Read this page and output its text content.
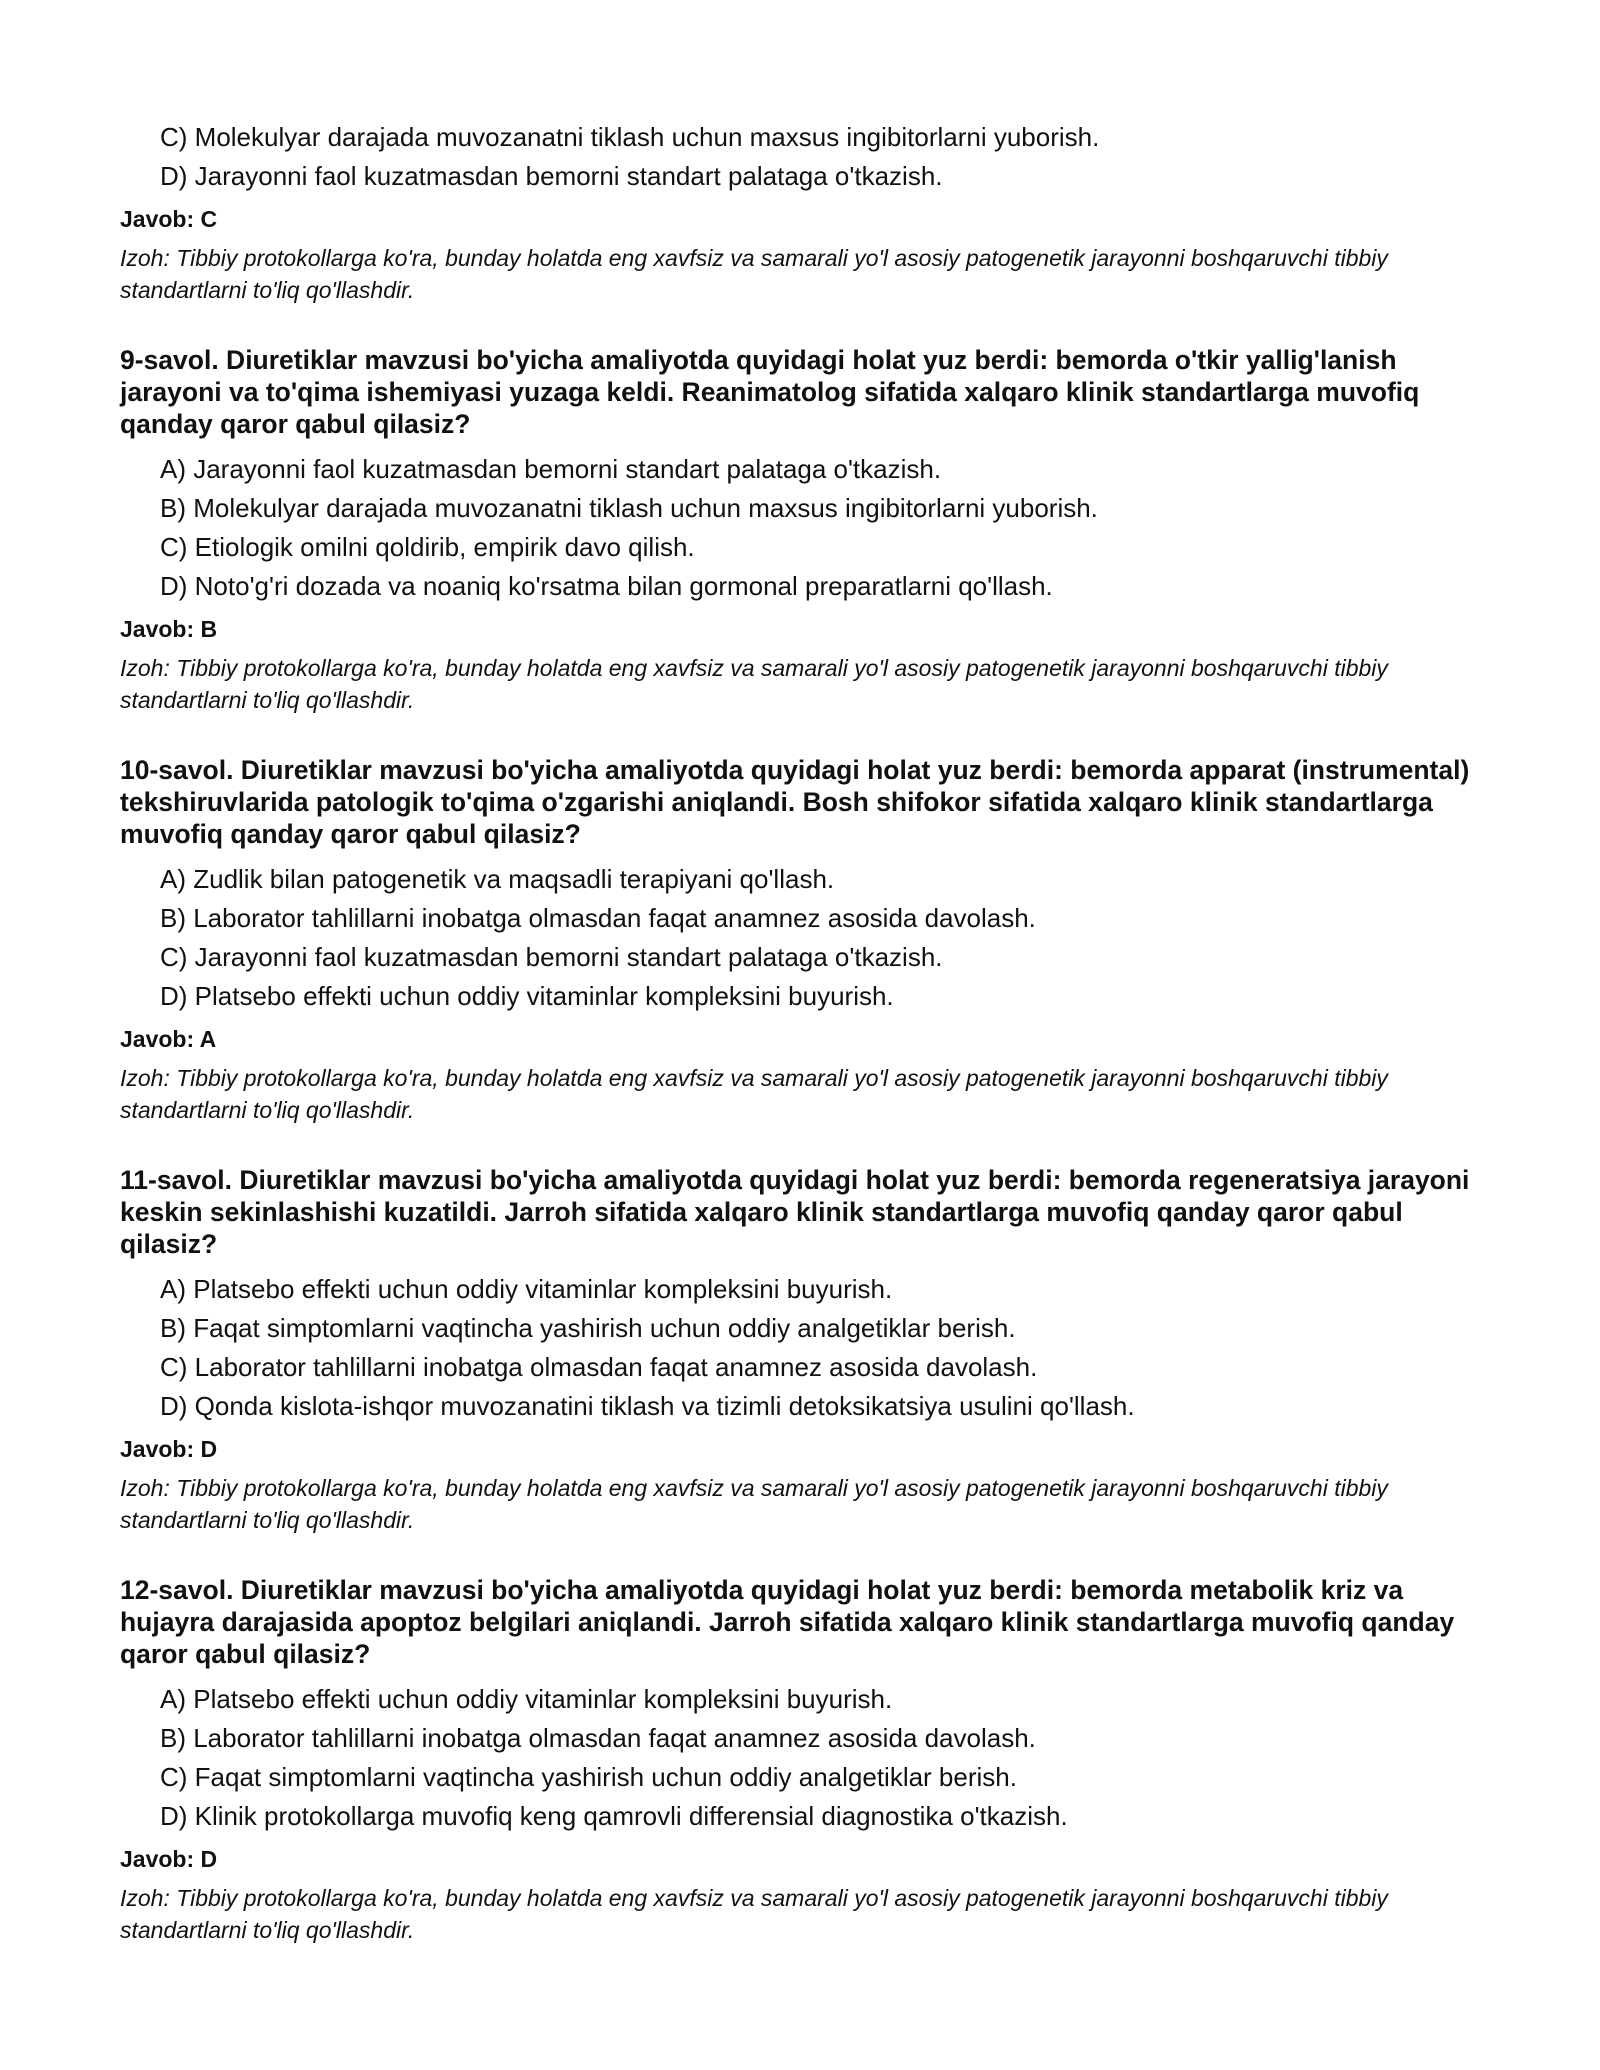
C) Molekulyar darajada muvozanatni tiklash uchun maxsus ingibitorlarni yuborish.
D) Jarayonni faol kuzatmasdan bemorni standart palataga o'tkazish.
Javob: C
Izoh: Tibbiy protokollarga ko'ra, bunday holatda eng xavfsiz va samarali yo'l asosiy patogenetik jarayonni boshqaruvchi tibbiy standartlarni to'liq qo'llashdir.
9-savol. Diuretiklar mavzusi bo'yicha amaliyotda quyidagi holat yuz berdi: bemorda o'tkir yallig'lanish jarayoni va to'qima ishemiyasi yuzaga keldi. Reanimatolog sifatida xalqaro klinik standartlarga muvofiq qanday qaror qabul qilasiz?
A) Jarayonni faol kuzatmasdan bemorni standart palataga o'tkazish.
B) Molekulyar darajada muvozanatni tiklash uchun maxsus ingibitorlarni yuborish.
C) Etiologik omilni qoldirib, empirik davo qilish.
D) Noto'g'ri dozada va noaniq ko'rsatma bilan gormonal preparatlarni qo'llash.
Javob: B
Izoh: Tibbiy protokollarga ko'ra, bunday holatda eng xavfsiz va samarali yo'l asosiy patogenetik jarayonni boshqaruvchi tibbiy standartlarni to'liq qo'llashdir.
10-savol. Diuretiklar mavzusi bo'yicha amaliyotda quyidagi holat yuz berdi: bemorda apparat (instrumental) tekshiruvlarida patologik to'qima o'zgarishi aniqlandi. Bosh shifokor sifatida xalqaro klinik standartlarga muvofiq qanday qaror qabul qilasiz?
A) Zudlik bilan patogenetik va maqsadli terapiyani qo'llash.
B) Laborator tahlillarni inobatga olmasdan faqat anamnez asosida davolash.
C) Jarayonni faol kuzatmasdan bemorni standart palataga o'tkazish.
D) Platsebo effekti uchun oddiy vitaminlar kompleksini buyurish.
Javob: A
Izoh: Tibbiy protokollarga ko'ra, bunday holatda eng xavfsiz va samarali yo'l asosiy patogenetik jarayonni boshqaruvchi tibbiy standartlarni to'liq qo'llashdir.
11-savol. Diuretiklar mavzusi bo'yicha amaliyotda quyidagi holat yuz berdi: bemorda regeneratsiya jarayoni keskin sekinlashishi kuzatildi. Jarroh sifatida xalqaro klinik standartlarga muvofiq qanday qaror qabul qilasiz?
A) Platsebo effekti uchun oddiy vitaminlar kompleksini buyurish.
B) Faqat simptomlarni vaqtincha yashirish uchun oddiy analgetiklar berish.
C) Laborator tahlillarni inobatga olmasdan faqat anamnez asosida davolash.
D) Qonda kislota-ishqor muvozanatini tiklash va tizimli detoksikatsiya usulini qo'llash.
Javob: D
Izoh: Tibbiy protokollarga ko'ra, bunday holatda eng xavfsiz va samarali yo'l asosiy patogenetik jarayonni boshqaruvchi tibbiy standartlarni to'liq qo'llashdir.
12-savol. Diuretiklar mavzusi bo'yicha amaliyotda quyidagi holat yuz berdi: bemorda metabolik kriz va hujayra darajasida apoptoz belgilari aniqlandi. Jarroh sifatida xalqaro klinik standartlarga muvofiq qanday qaror qabul qilasiz?
A) Platsebo effekti uchun oddiy vitaminlar kompleksini buyurish.
B) Laborator tahlillarni inobatga olmasdan faqat anamnez asosida davolash.
C) Faqat simptomlarni vaqtincha yashirish uchun oddiy analgetiklar berish.
D) Klinik protokollarga muvofiq keng qamrovli differensial diagnostika o'tkazish.
Javob: D
Izoh: Tibbiy protokollarga ko'ra, bunday holatda eng xavfsiz va samarali yo'l asosiy patogenetik jarayonni boshqaruvchi tibbiy standartlarni to'liq qo'llashdir.
